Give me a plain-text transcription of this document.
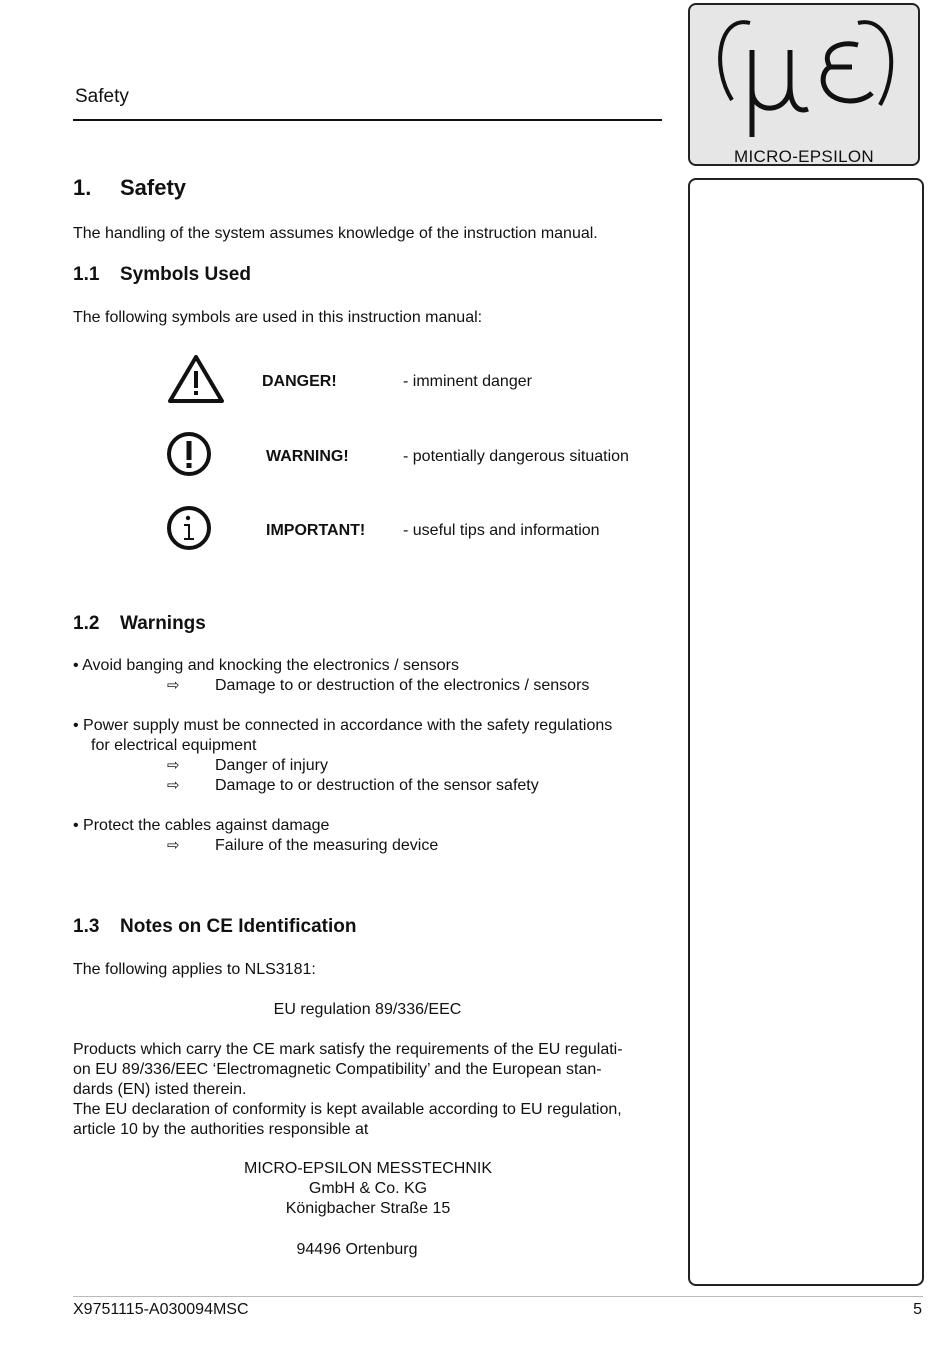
Safety
MICRO-EPSILON
1. Safety
The handling of the system assumes knowledge of the instruction manual.
1.1 Symbols Used
The following symbols are used in this instruction manual:
DANGER!	- imminent danger
WARNING!	- potentially dangerous situation
IMPORTANT! - useful tips and information
1.2 Warnings
• Avoid banging and knocking the electronics / sensors
⇨ Damage to or destruction of the electronics / sensors
• Power supply must be connected in accordance with the safety regulations
for electrical equipment
⇨ Danger of injury
⇨ Damage to or destruction of the sensor safety
• Protect the cables against damage
⇨ Failure of the measuring device
1.3 Notes on CE Identification
The following applies to NLS3181:
EU regulation 89/336/EEC
Products which carry the CE mark satisfy the requirements of the EU regulati-
on EU 89/336/EEC ‘Electromagnetic Compatibility’ and the European stan-
dards (EN) isted therein.
The EU declaration of conformity is kept available according to EU regulation,
article 10 by the authorities responsible at
MICRO-EPSILON MESSTECHNIK
GmbH & Co. KG
Königbacher Straße 15
94496 Ortenburg
X9751115-A030094MSC	5
